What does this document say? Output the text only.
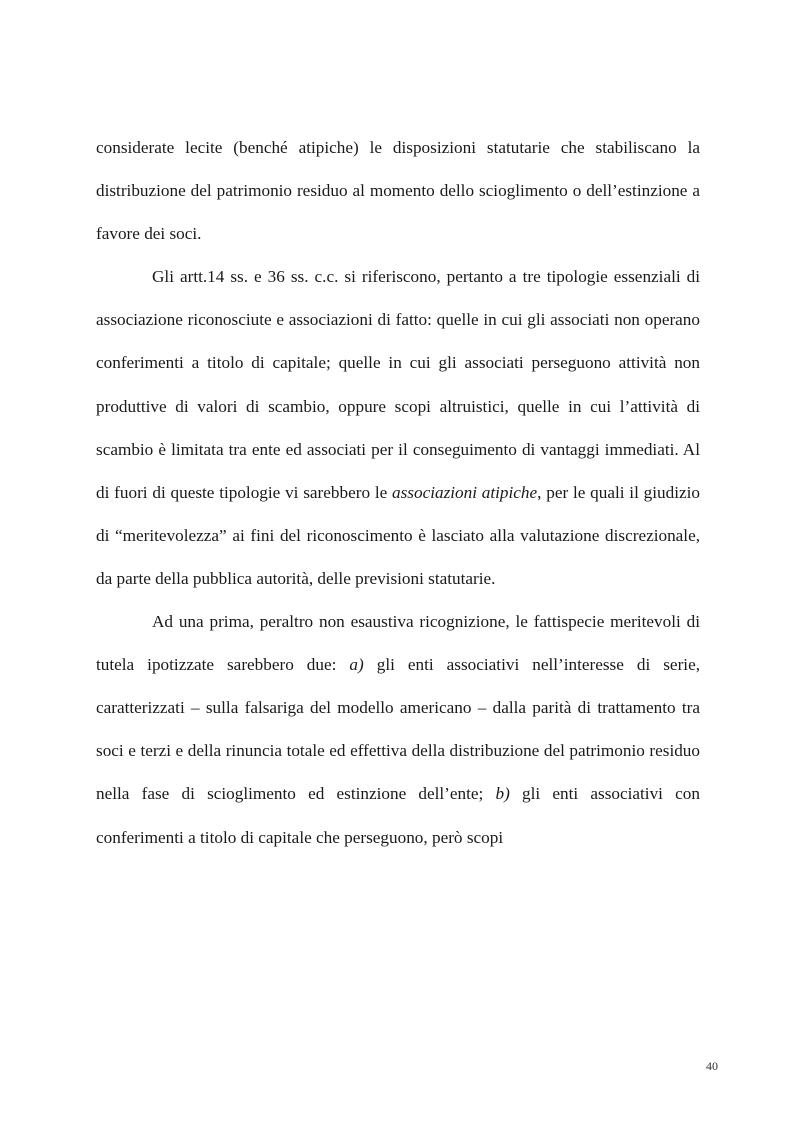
considerate lecite (benché atipiche) le disposizioni statutarie che stabiliscano la distribuzione del patrimonio residuo al momento dello scioglimento o dell’estinzione a favore dei soci.

Gli artt.14 ss. e 36 ss. c.c. si riferiscono, pertanto a tre tipologie essenziali di associazione riconosciute e associazioni di fatto: quelle in cui gli associati non operano conferimenti a titolo di capitale; quelle in cui gli associati perseguono attività non produttive di valori di scambio, oppure scopi altruistici, quelle in cui l’attività di scambio è limitata tra ente ed associati per il conseguimento di vantaggi immediati. Al di fuori di queste tipologie vi sarebbero le associazioni atipiche, per le quali il giudizio di “meritevolezza” ai fini del riconoscimento è lasciato alla valutazione discrezionale, da parte della pubblica autorità, delle previsioni statutarie.

Ad una prima, peraltro non esaustiva ricognizione, le fattispecie meritevoli di tutela ipotizzate sarebbero due: a) gli enti associativi nell’interesse di serie, caratterizzati – sulla falsariga del modello americano – dalla parità di trattamento tra soci e terzi e della rinuncia totale ed effettiva della distribuzione del patrimonio residuo nella fase di scioglimento ed estinzione dell’ente; b) gli enti associativi con conferimenti a titolo di capitale che perseguono, però scopi

40
